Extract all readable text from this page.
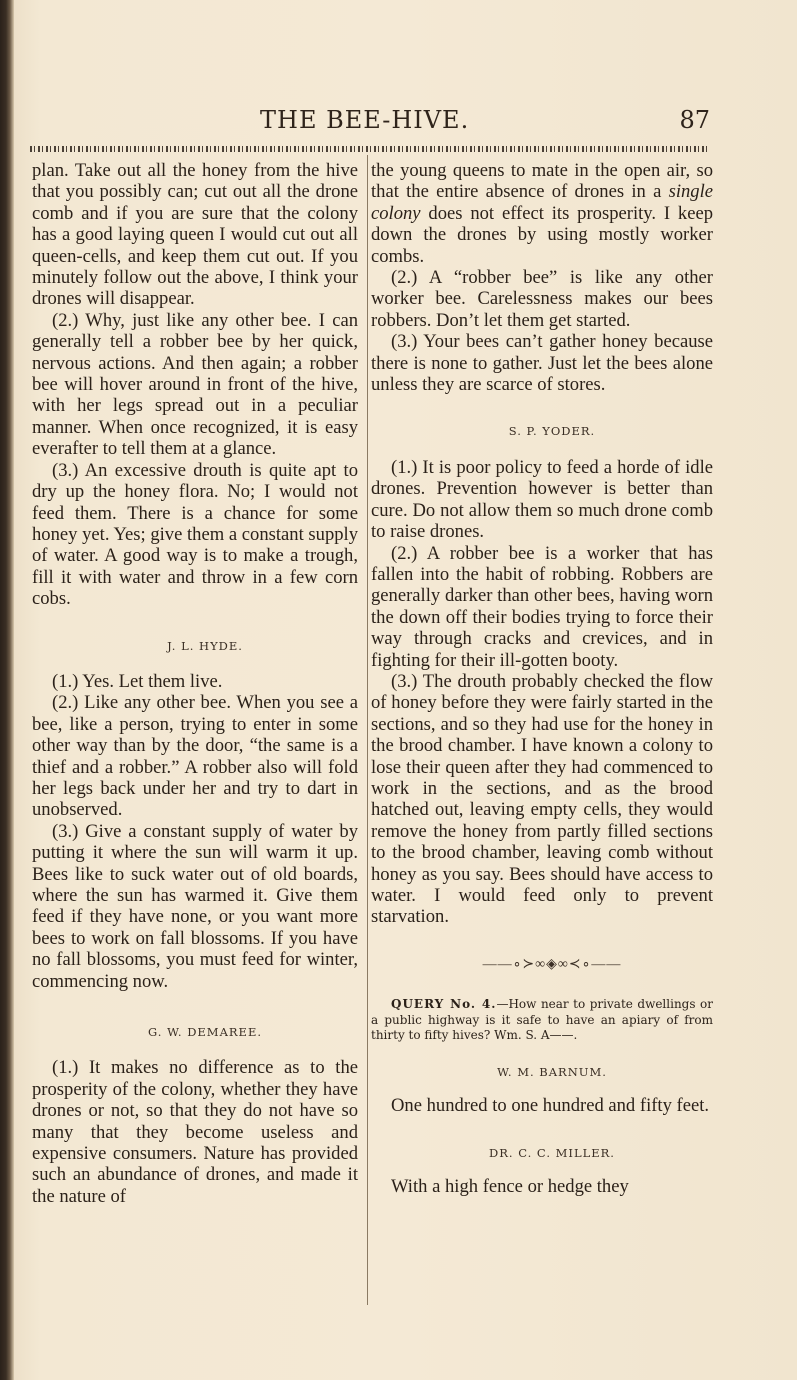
THE BEE-HIVE.	87

plan. Take out all the honey from the hive that you possibly can; cut out all the drone comb and if you are sure that the colony has a good laying queen I would cut out all queen-cells, and keep them cut out. If you minutely follow out the above, I think your drones will disappear.

(2.) Why, just like any other bee. I can generally tell a robber bee by her quick, nervous actions. And then again; a robber bee will hover around in front of the hive, with her legs spread out in a peculiar manner. When once recognized, it is easy everafter to tell them at a glance.

(3.) An excessive drouth is quite apt to dry up the honey flora. No; I would not feed them. There is a chance for some honey yet. Yes; give them a constant supply of water. A good way is to make a trough, fill it with water and throw in a few corn cobs.

J. L. HYDE.

(1.) Yes. Let them live.

(2.) Like any other bee. When you see a bee, like a person, trying to enter in some other way than by the door, “the same is a thief and a robber.” A robber also will fold her legs back under her and try to dart in unobserved.

(3.) Give a constant supply of water by putting it where the sun will warm it up. Bees like to suck water out of old boards, where the sun has warmed it. Give them feed if they have none, or you want more bees to work on fall blossoms. If you have no fall blossoms, you must feed for winter, commencing now.

G. W. DEMAREE.

(1.) It makes no difference as to the prosperity of the colony, whether they have drones or not, so that they do not have so many that they become useless and expensive consumers. Nature has provided such an abundance of drones, and made it the nature of

the young queens to mate in the open air, so that the entire absence of drones in a single colony does not effect its prosperity. I keep down the drones by using mostly worker combs.

(2.) A “robber bee” is like any other worker bee. Carelessness makes our bees robbers. Don’t let them get started.

(3.) Your bees can’t gather honey because there is none to gather. Just let the bees alone unless they are scarce of stores.

S. P. YODER.

(1.) It is poor policy to feed a horde of idle drones. Prevention however is better than cure. Do not allow them so much drone comb to raise drones.

(2.) A robber bee is a worker that has fallen into the habit of robbing. Robbers are generally darker than other bees, having worn the down off their bodies trying to force their way through cracks and crevices, and in fighting for their ill-gotten booty.

(3.) The drouth probably checked the flow of honey before they were fairly started in the sections, and so they had use for the honey in the brood chamber. I have known a colony to lose their queen after they had commenced to work in the sections, and as the brood hatched out, leaving empty cells, they would remove the honey from partly filled sections to the brood chamber, leaving comb without honey as you say. Bees should have access to water. I would feed only to prevent starvation.

——∘≻∞◈∞≺∘——

QUERY No. 4.—How near to private dwellings or a public highway is it safe to have an apiary of from thirty to fifty hives? Wm. S. A——.

W. M. BARNUM.

One hundred to one hundred and fifty feet.

DR. C. C. MILLER.

With a high fence or hedge they
